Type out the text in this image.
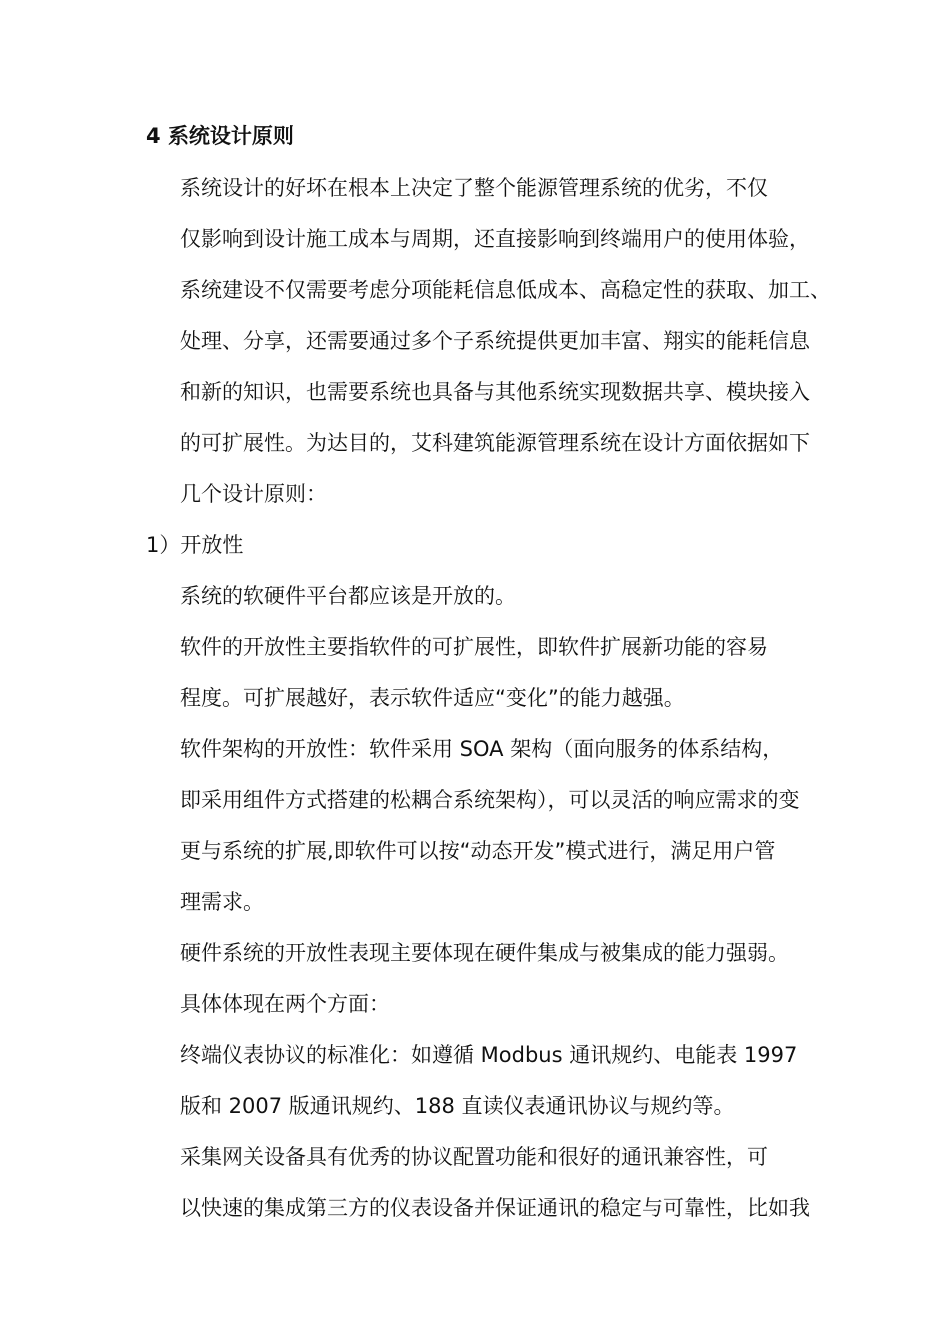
4 系统设计原则

系统设计的好坏在根本上决定了整个能源管理系统的优劣，不仅
仅影响到设计施工成本与周期，还直接影响到终端用户的使用体验，
系统建设不仅需要考虑分项能耗信息低成本、高稳定性的获取、加工、
处理、分享，还需要通过多个子系统提供更加丰富、翔实的能耗信息
和新的知识，也需要系统也具备与其他系统实现数据共享、模块接入
的可扩展性。为达目的，艾科建筑能源管理系统在设计方面依据如下
几个设计原则：

1）开放性

系统的软硬件平台都应该是开放的。

软件的开放性主要指软件的可扩展性，即软件扩展新功能的容易
程度。可扩展越好，表示软件适应“变化”的能力越强。

软件架构的开放性：软件采用 SOA 架构（面向服务的体系结构，
即采用组件方式搭建的松耦合系统架构），可以灵活的响应需求的变
更与系统的扩展,即软件可以按“动态开发”模式进行，满足用户管
理需求。

硬件系统的开放性表现主要体现在硬件集成与被集成的能力强弱。
具体体现在两个方面：

终端仪表协议的标准化：如遵循 Modbus 通讯规约、电能表 1997
版和 2007 版通讯规约、188 直读仪表通讯协议与规约等。

采集网关设备具有优秀的协议配置功能和很好的通讯兼容性，可
以快速的集成第三方的仪表设备并保证通讯的稳定与可靠性，比如我
